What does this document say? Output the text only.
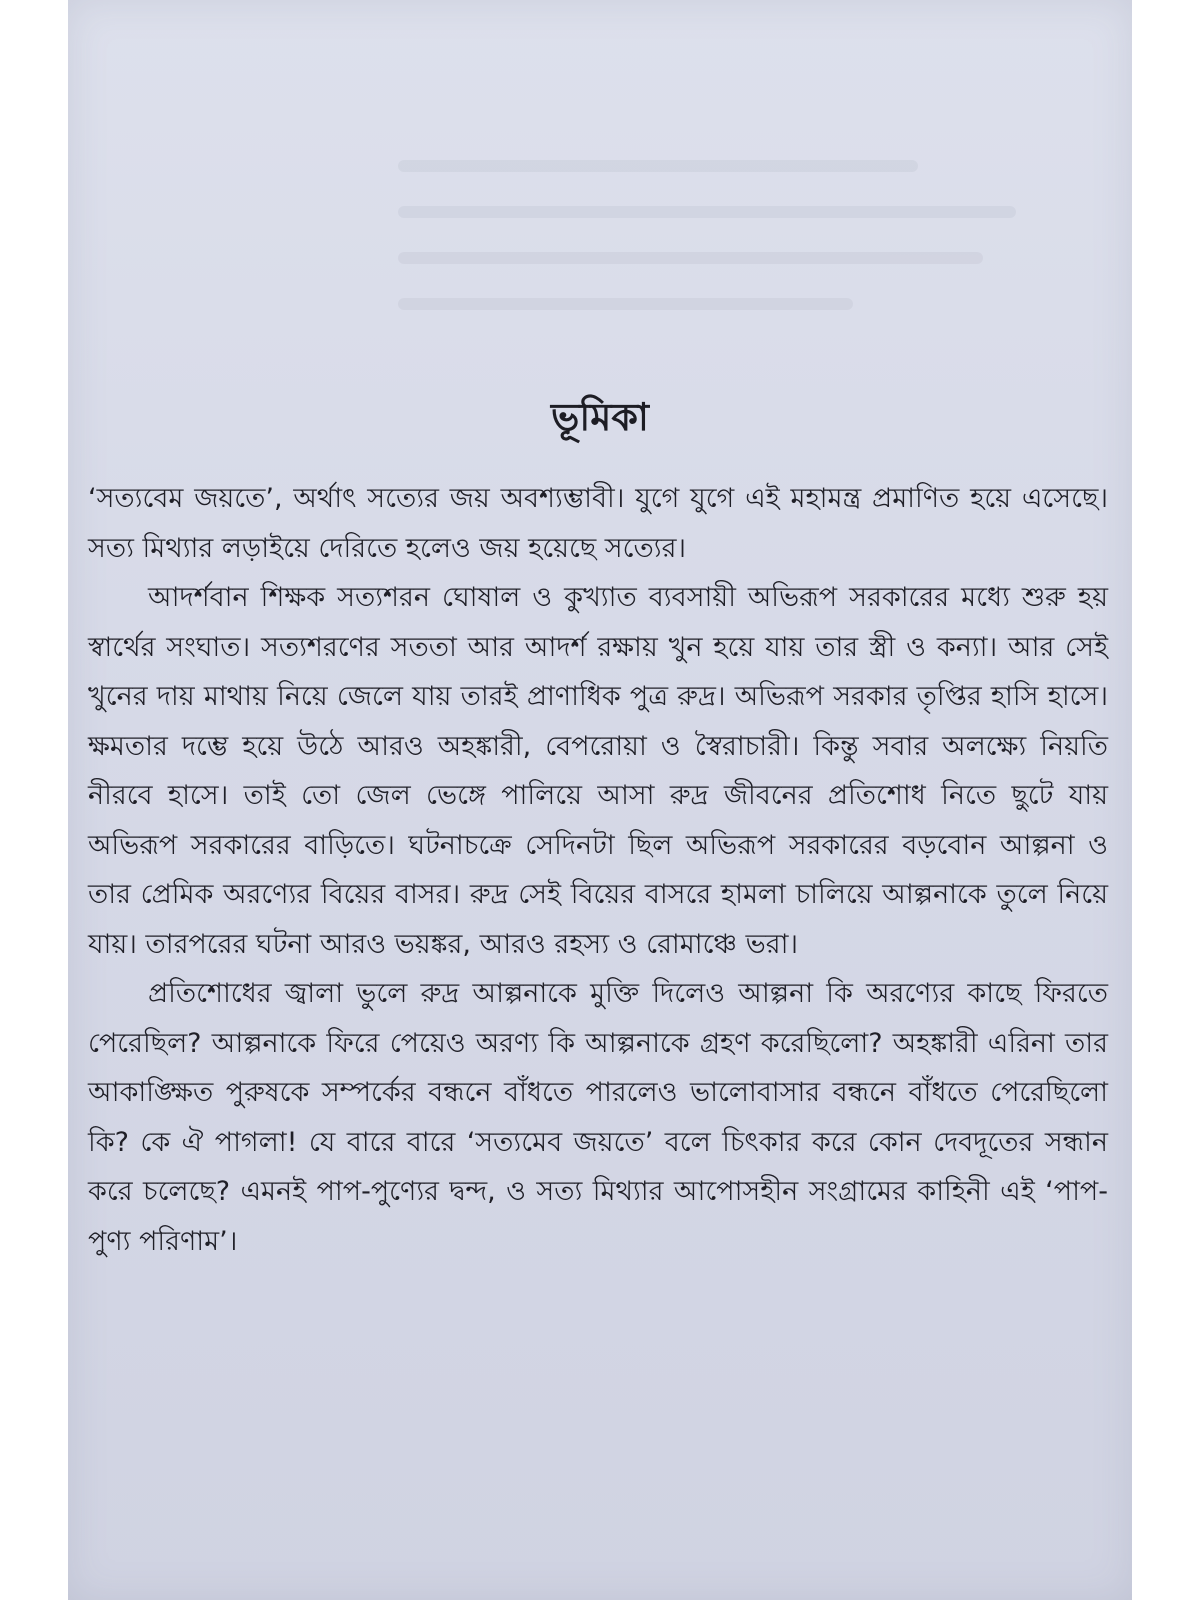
ভূমিকা

‘সত্যবেম জয়তে’, অর্থাৎ সত্যের জয় অবশ্যম্ভাবী। যুগে যুগে এই মহামন্ত্র প্রমাণিত হয়ে এসেছে। সত্য মিথ্যার লড়াইয়ে দেরিতে হলেও জয় হয়েছে সত্যের।

আদর্শবান শিক্ষক সত্যশরন ঘোষাল ও কুখ্যাত ব্যবসায়ী অভিরূপ সরকারের মধ্যে শুরু হয় স্বার্থের সংঘাত। সত্যশরণের সততা আর আদর্শ রক্ষায় খুন হয়ে যায় তার স্ত্রী ও কন্যা। আর সেই খুনের দায় মাথায় নিয়ে জেলে যায় তারই প্রাণাধিক পুত্র রুদ্র। অভিরূপ সরকার তৃপ্তির হাসি হাসে। ক্ষমতার দম্ভে হয়ে উঠে আরও অহঙ্কারী, বেপরোয়া ও স্বৈরাচারী। কিন্তু সবার অলক্ষ্যে নিয়তি নীরবে হাসে। তাই তো জেল ভেঙ্গে পালিয়ে আসা রুদ্র জীবনের প্রতিশোধ নিতে ছুটে যায় অভিরূপ সরকারের বাড়িতে। ঘটনাচক্রে সেদিনটা ছিল অভিরূপ সরকারের বড়বোন আল্পনা ও তার প্রেমিক অরণ্যের বিয়ের বাসর। রুদ্র সেই বিয়ের বাসরে হামলা চালিয়ে আল্পনাকে তুলে নিয়ে যায়। তারপরের ঘটনা আরও ভয়ঙ্কর, আরও রহস্য ও রোমাঞ্চে ভরা।

প্রতিশোধের জ্বালা ভুলে রুদ্র আল্পনাকে মুক্তি দিলেও আল্পনা কি অরণ্যের কাছে ফিরতে পেরেছিল? আল্পনাকে ফিরে পেয়েও অরণ্য কি আল্পনাকে গ্রহণ করেছিলো? অহঙ্কারী এরিনা তার আকাঙ্ক্ষিত পুরুষকে সম্পর্কের বন্ধনে বাঁধতে পারলেও ভালোবাসার বন্ধনে বাঁধতে পেরেছিলো কি? কে ঐ পাগলা! যে বারে বারে ‘সত্যমেব জয়তে’ বলে চিৎকার করে কোন দেবদূতের সন্ধান করে চলেছে? এমনই পাপ-পুণ্যের দ্বন্দ, ও সত্য মিথ্যার আপোসহীন সংগ্রামের কাহিনী এই ‘পাপ-পুণ্য পরিণাম’।
